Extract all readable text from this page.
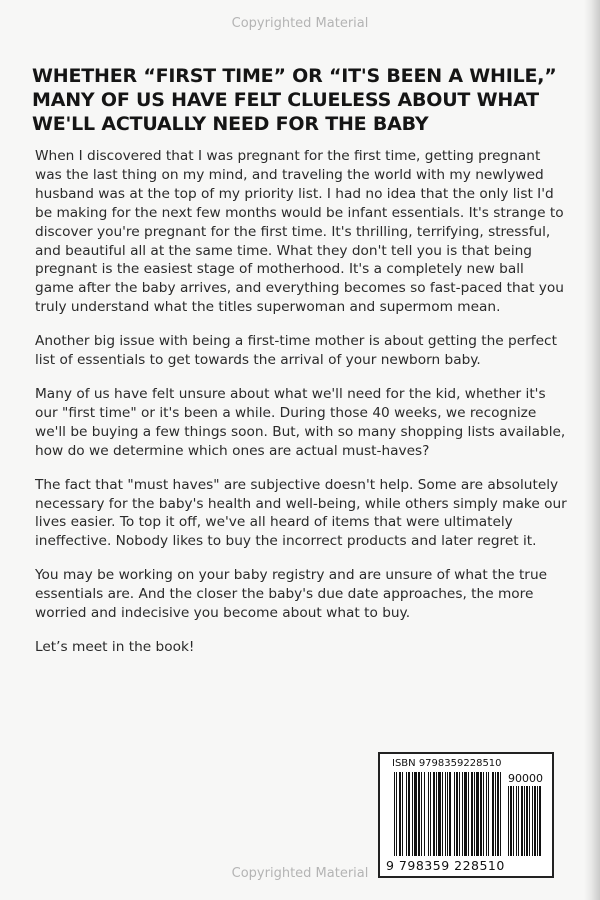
Copyrighted Material
WHETHER “FIRST TIME” OR “IT'S BEEN A WHILE,” MANY OF US HAVE FELT CLUELESS ABOUT WHAT WE'LL ACTUALLY NEED FOR THE BABY

When I discovered that I was pregnant for the first time, getting pregnant was the last thing on my mind, and traveling the world with my newlywed husband was at the top of my priority list. I had no idea that the only list I'd be making for the next few months would be infant essentials. It's strange to discover you're pregnant for the first time. It's thrilling, terrifying, stressful, and beautiful all at the same time. What they don't tell you is that being pregnant is the easiest stage of motherhood. It's a completely new ball game after the baby arrives, and everything becomes so fast-paced that you truly understand what the titles superwoman and supermom mean.

Another big issue with being a first-time mother is about getting the perfect list of essentials to get towards the arrival of your newborn baby.

Many of us have felt unsure about what we'll need for the kid, whether it's our "first time" or it's been a while. During those 40 weeks, we recognize we'll be buying a few things soon. But, with so many shopping lists available, how do we determine which ones are actual must-haves?

The fact that "must haves" are subjective doesn't help. Some are absolutely necessary for the baby's health and well-being, while others simply make our lives easier. To top it off, we've all heard of items that were ultimately ineffective. Nobody likes to buy the incorrect products and later regret it.

You may be working on your baby registry and are unsure of what the true essentials are. And the closer the baby's due date approaches, the more worried and indecisive you become about what to buy.

Let’s meet in the book!

ISBN 9798359228510
90000
9 798359 228510
Copyrighted Material
